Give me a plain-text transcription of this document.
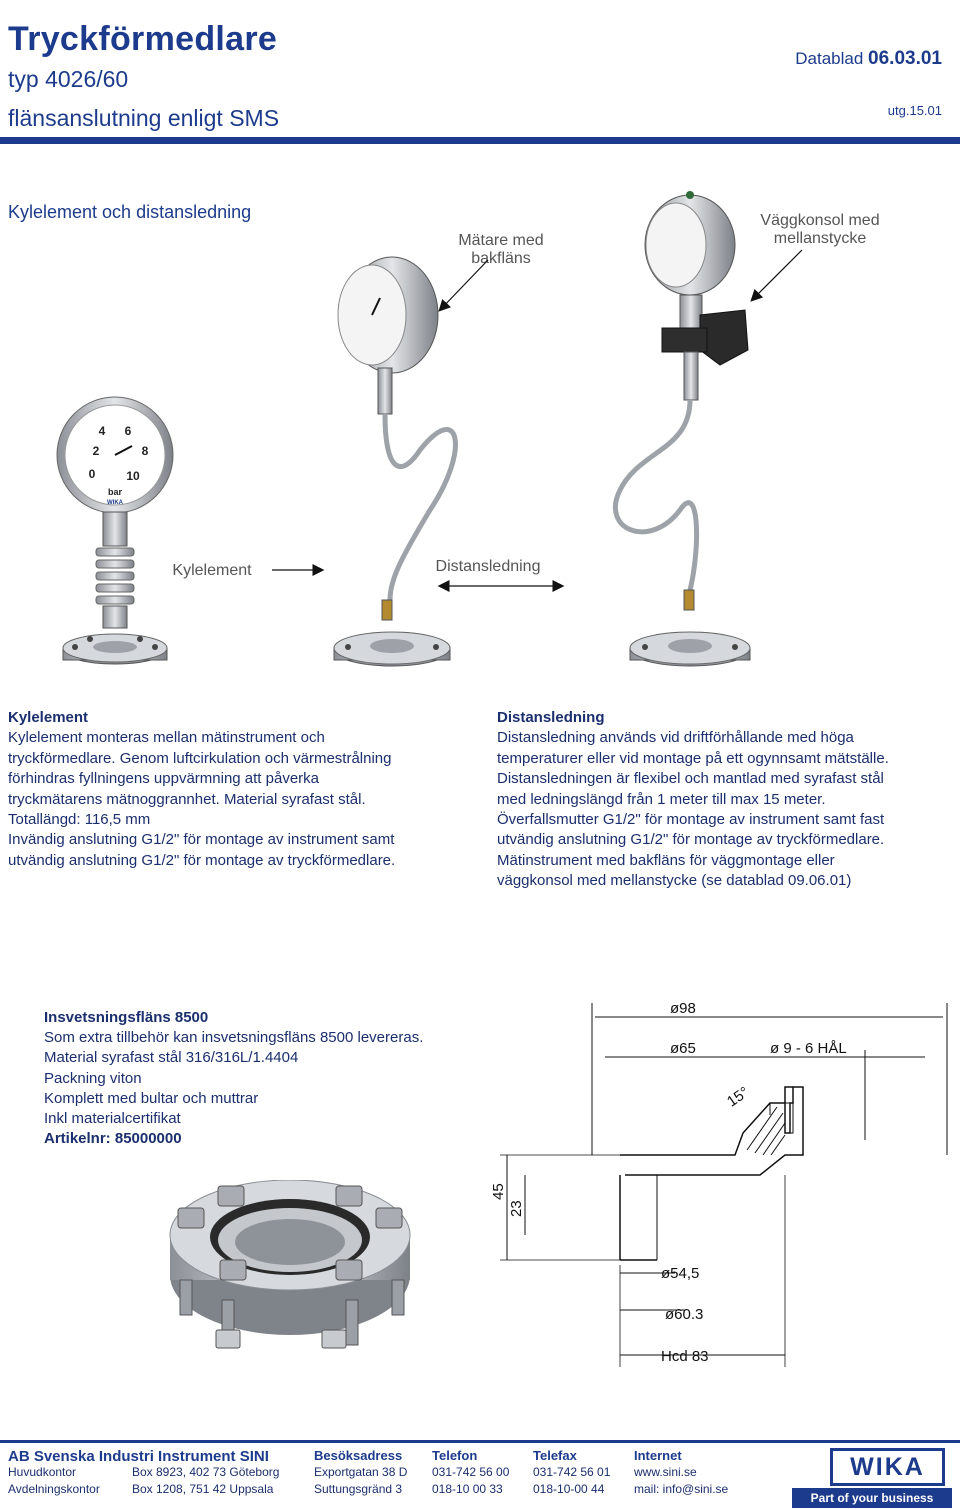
Tryckförmedlare
typ 4026/60
flänsanslutning enligt SMS
Datablad 06.03.01
utg.15.01
Kylelement och distansledning
Mätare med bakfläns
Väggkonsol med mellanstycke
Kylelement	Distansledning
2
4 6
8
0	10
bar
WIKA
Kylelement
Kylelement monteras mellan mätinstrument och
tryckförmedlare. Genom luftcirkulation och värmestrålning
förhindras fyllningens uppvärmning att påverka
tryckmätarens mätnoggrannhet. Material syrafast stål.
Totallängd: 116,5 mm
Invändig anslutning G1/2" för montage av instrument samt
utvändig anslutning G1/2" för montage av tryckförmedlare.
Distansledning
Distansledning används vid driftförhållande med höga
temperaturer eller vid montage på ett ogynnsamt mätställe.
Distansledningen är flexibel och mantlad med syrafast stål
med ledningslängd från 1 meter till max 15 meter.
Överfallsmutter G1/2" för montage av instrument samt fast
utvändig anslutning G1/2" för montage av tryckförmedlare.
Mätinstrument med bakfläns för väggmontage eller
väggkonsol med mellanstycke (se datablad 09.06.01)
Insvetsningsfläns 8500
Som extra tillbehör kan insvetsningsfläns 8500 levereras.
Material syrafast stål 316/316L/1.4404
Packning viton
Komplett med bultar och muttrar
Inkl materialcertifikat
Artikelnr: 85000000
ø98
ø65	ø 9 - 6 HÅL
15°
45
23
ø54,5
ø60.3
Hcd 83
AB Svenska Industri Instrument SINI		Besöksadress	Telefon	Telefax	Internet
Huvudkontor	Box 8923, 402 73 Göteborg	Exportgatan 38 D	031-742 56 00	031-742 56 01	www.sini.se
Avdelningskontor	Box 1208, 751 42 Uppsala	Suttungsgränd 3	018-10 00 33	018-10-00 44	mail: info@sini.se
WIKA
Part of your business
